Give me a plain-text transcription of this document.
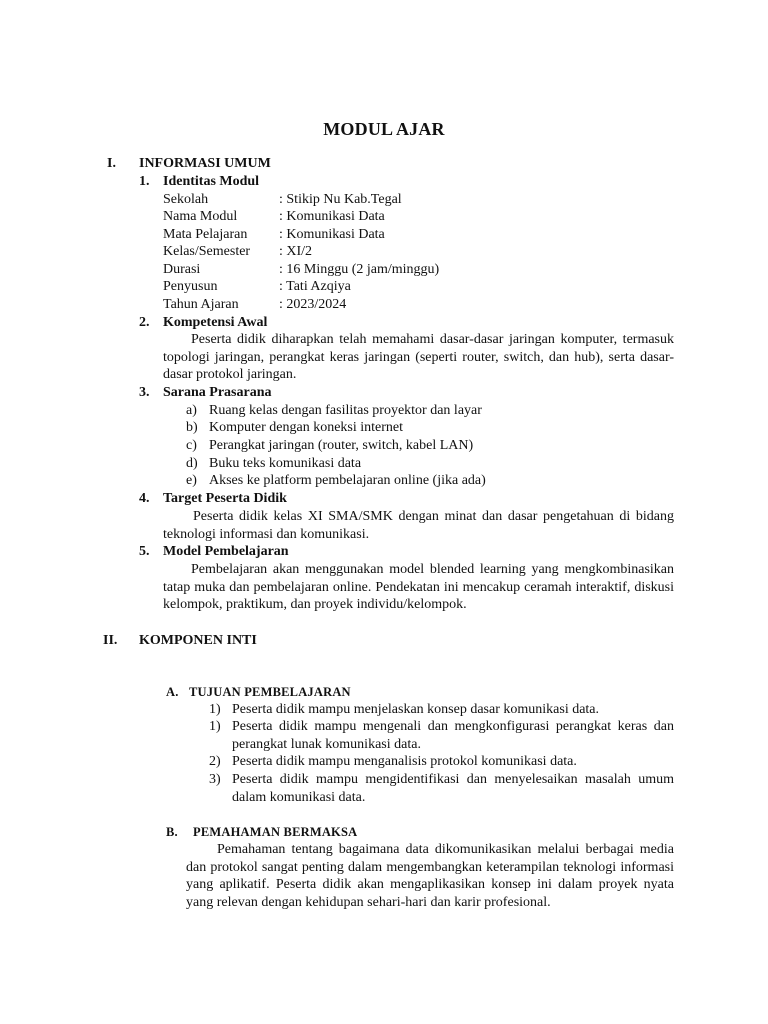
MODUL AJAR
I. INFORMASI UMUM
1. Identitas Modul
Sekolah	: Stikip Nu Kab.Tegal
Nama Modul	: Komunikasi Data
Mata Pelajaran : Komunikasi Data
Kelas/Semester : XI/2
Durasi	: 16 Minggu (2 jam/minggu)
Penyusun	: Tati Azqiya
Tahun Ajaran	: 2023/2024
2. Kompetensi Awal
Peserta didik diharapkan telah memahami dasar-dasar jaringan komputer, termasuk topologi jaringan, perangkat keras jaringan (seperti router, switch, dan hub), serta dasar-dasar protokol jaringan.
3. Sarana Prasarana
a) Ruang kelas dengan fasilitas proyektor dan layar
b) Komputer dengan koneksi internet
c) Perangkat jaringan (router, switch, kabel LAN)
d) Buku teks komunikasi data
e) Akses ke platform pembelajaran online (jika ada)
4. Target Peserta Didik
Peserta didik kelas XI SMA/SMK dengan minat dan dasar pengetahuan di bidang teknologi informasi dan komunikasi.
5. Model Pembelajaran
Pembelajaran akan menggunakan model blended learning yang mengkombinasikan tatap muka dan pembelajaran online. Pendekatan ini mencakup ceramah interaktif, diskusi kelompok, praktikum, dan proyek individu/kelompok.
II. KOMPONEN INTI
A. TUJUAN PEMBELAJARAN
1) Peserta didik mampu menjelaskan konsep dasar komunikasi data.
1) Peserta didik mampu mengenali dan mengkonfigurasi perangkat keras dan perangkat lunak komunikasi data.
2) Peserta didik mampu menganalisis protokol komunikasi data.
3) Peserta didik mampu mengidentifikasi dan menyelesaikan masalah umum dalam komunikasi data.
B. PEMAHAMAN BERMAKSA
Pemahaman tentang bagaimana data dikomunikasikan melalui berbagai media dan protokol sangat penting dalam mengembangkan keterampilan teknologi informasi yang aplikatif. Peserta didik akan mengaplikasikan konsep ini dalam proyek nyata yang relevan dengan kehidupan sehari-hari dan karir profesional.
